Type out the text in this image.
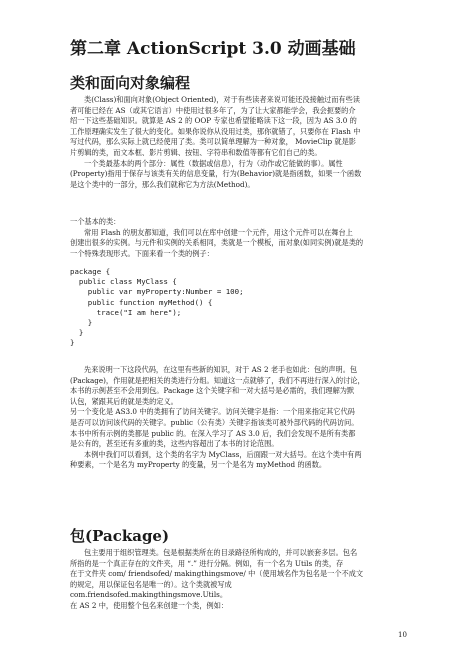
第二章 ActionScript 3.0 动画基础
类和面向对象编程
类(Class)和面向对象(Object Oriented)，对于有些读者来说可能还没接触过而有些读
者可能已经在 AS（或其它语言）中使用过很多年了，为了让大家都能学会，我会扼要的介
绍一下这些基础知识。就算是 AS 2 的 OOP 专家也希望能略读下这一段，因为 AS 3.0 的
工作原理确实发生了很大的变化。如果你说你从没用过类，那你就错了，只要你在 Flash 中
写过代码，那么实际上就已经使用了类。类可以简单理解为一种对象， MovieClip 就是影
片剪辑的类，而文本框、影片剪辑、按钮、字符串和数值等都有它们自己的类。
一个类最基本的两个部分：属性（数据或信息），行为（动作或它能做的事）。属性
(Property)指用于保存与该类有关的信息变量，行为(Behavior)就是指函数，如果一个函数
是这个类中的一部分，那么我们就称它为方法(Method)。
一个基本的类：
常用 Flash 的朋友都知道，我们可以在库中创建一个元件，用这个元件可以在舞台上
创建出很多的实例。与元件和实例的关系相同，类就是一个模板，而对象(如同实例)就是类的
一个特殊表现形式。下面来看一个类的例子：
package {
public class MyClass {
public var myProperty:Number = 100;
public function myMethod() {
trace("I am here");
}
}
}
先来说明一下这段代码，在这里有些新的知识，对于 AS 2 老手也如此：包的声明。包
(Package)，作用就是把相关的类进行分组。知道这一点就够了，我们不再进行深入的讨论，
本书的示例甚至不会用到包。Package 这个关键字和一对大括号是必需的，我们理解为默
认包，紧跟其后的就是类的定义。
另一个变化是 AS3.0 中的类拥有了访问关键字。访问关键字是指：一个用来指定其它代码
是否可以访问该代码的关键字。public（公有类）关键字指该类可被外部代码的代码访问。
本书中所有示例的类都是 public 的。在深入学习了 AS 3.0 后，我们会发现不是所有类都
是公有的，甚至还有多重的类，这些内容超出了本书的讨论范围。
本例中我们可以看到，这个类的名字为 MyClass，后面跟一对大括号。在这个类中有两
种要素，一个是名为 myProperty 的变量，另一个是名为 myMethod 的函数。
包(Package)
包主要用于组织管理类。包是根据类所在的目录路径所构成的，并可以嵌套多层。包名
所指的是一个真正存在的文件夹，用 “.” 进行分隔。例如，有一个名为 Utils 的类，存
在于文件夹 com/ friendsofed/ makingthingsmove/ 中（使用域名作为包名是一个不成文
的规定，用以保证包名是唯一的）。这个类就被写成
com.friendsofed.makingthingsmove.Utils。
在 AS 2 中，使用整个包名来创建一个类，例如：
10
